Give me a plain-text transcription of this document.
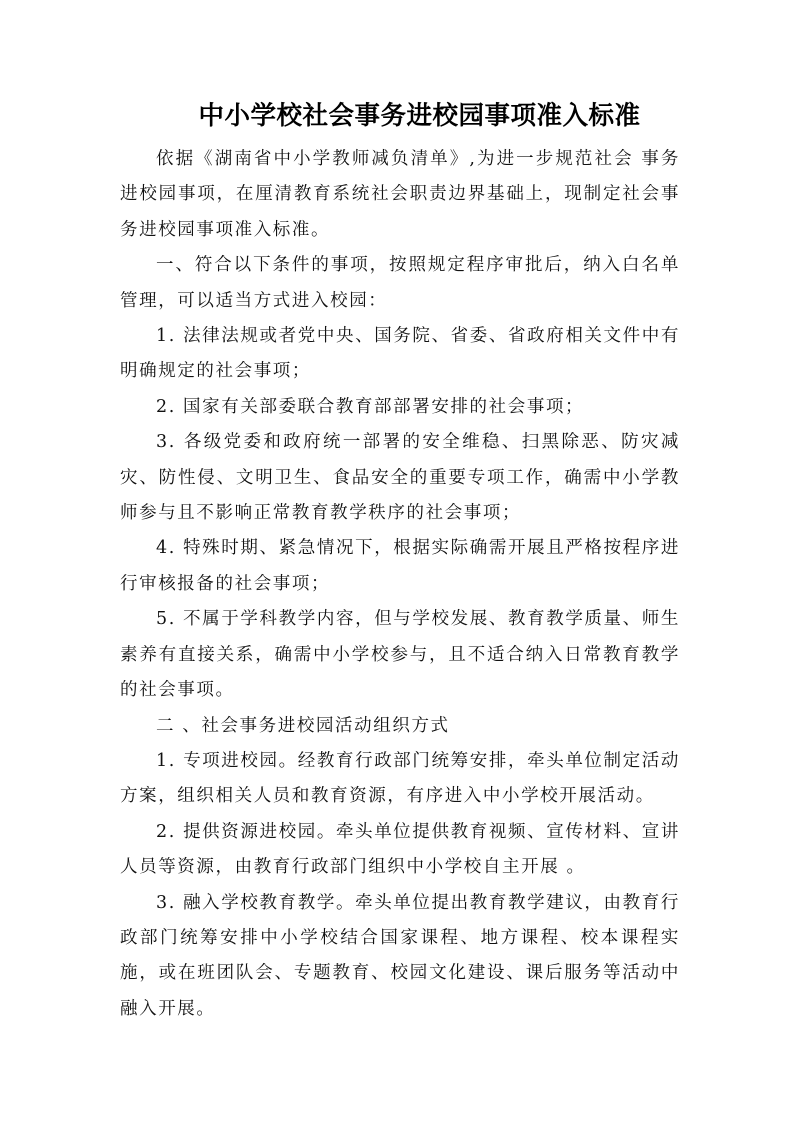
中小学校社会事务进校园事项准入标准

依据《湖南省中小学教师减负清单》,为进一步规范社会 事务进校园事项，在厘清教育系统社会职责边界基础上，现制定社会事务进校园事项准入标准。

一、符合以下条件的事项，按照规定程序审批后，纳入白名单管理，可以适当方式进入校园：

1. 法律法规或者党中央、国务院、省委、省政府相关文件中有明确规定的社会事项；

2. 国家有关部委联合教育部部署安排的社会事项；

3. 各级党委和政府统一部署的安全维稳、扫黑除恶、防灾减灾、防性侵、文明卫生、食品安全的重要专项工作，确需中小学教师参与且不影响正常教育教学秩序的社会事项；

4. 特殊时期、紧急情况下，根据实际确需开展且严格按程序进行审核报备的社会事项；

5. 不属于学科教学内容，但与学校发展、教育教学质量、师生素养有直接关系，确需中小学校参与，且不适合纳入日常教育教学的社会事项。

二 、社会事务进校园活动组织方式

1. 专项进校园。经教育行政部门统筹安排，牵头单位制定活动方案，组织相关人员和教育资源，有序进入中小学校开展活动。

2. 提供资源进校园。牵头单位提供教育视频、宣传材料、宣讲人员等资源，由教育行政部门组织中小学校自主开展 。

3. 融入学校教育教学。牵头单位提出教育教学建议，由教育行政部门统筹安排中小学校结合国家课程、地方课程、校本课程实施，或在班团队会、专题教育、校园文化建设、课后服务等活动中融入开展。
